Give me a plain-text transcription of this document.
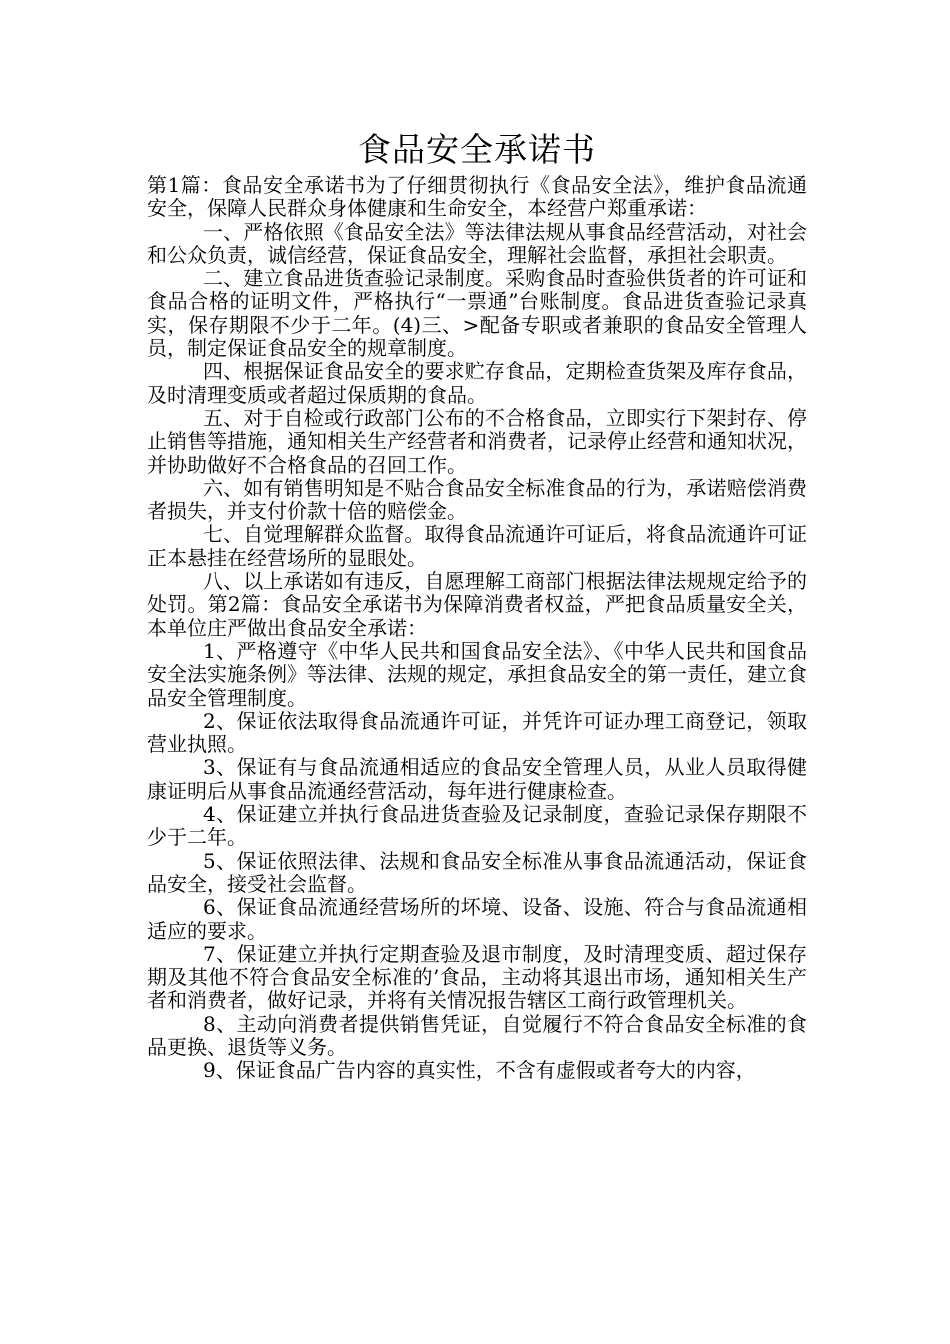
食品安全承诺书

第1篇：食品安全承诺书为了仔细贯彻执行《食品安全法》，维护食品流通安全，保障人民群众身体健康和生命安全，本经营户郑重承诺：

一、严格依照《食品安全法》等法律法规从事食品经营活动，对社会和公众负责，诚信经营，保证食品安全，理解社会监督，承担社会职责。

二、建立食品进货查验记录制度。采购食品时查验供货者的许可证和食品合格的证明文件，严格执行“一票通”台账制度。食品进货查验记录真实，保存期限不少于二年。(4)三、>配备专职或者兼职的食品安全管理人员，制定保证食品安全的规章制度。

四、根据保证食品安全的要求贮存食品，定期检查货架及库存食品，及时清理变质或者超过保质期的食品。

五、对于自检或行政部门公布的不合格食品，立即实行下架封存、停止销售等措施，通知相关生产经营者和消费者，记录停止经营和通知状况，并协助做好不合格食品的召回工作。

六、如有销售明知是不贴合食品安全标准食品的行为，承诺赔偿消费者损失，并支付价款十倍的赔偿金。

七、自觉理解群众监督。取得食品流通许可证后，将食品流通许可证正本悬挂在经营场所的显眼处。

八、以上承诺如有违反，自愿理解工商部门根据法律法规规定给予的处罚。第2篇：食品安全承诺书为保障消费者权益，严把食品质量安全关，本单位庄严做出食品安全承诺：

1、严格遵守《中华人民共和国食品安全法》、《中华人民共和国食品安全法实施条例》等法律、法规的规定，承担食品安全的第一责任，建立食品安全管理制度。

2、保证依法取得食品流通许可证，并凭许可证办理工商登记，领取营业执照。

3、保证有与食品流通相适应的食品安全管理人员，从业人员取得健康证明后从事食品流通经营活动，每年进行健康检查。

4、保证建立并执行食品进货查验及记录制度，查验记录保存期限不少于二年。

5、保证依照法律、法规和食品安全标准从事食品流通活动，保证食品安全，接受社会监督。

6、保证食品流通经营场所的坏境、设备、设施、符合与食品流通相适应的要求。

7、保证建立并执行定期查验及退市制度，及时清理变质、超过保存期及其他不符合食品安全标准的’食品，主动将其退出市场，通知相关生产者和消费者，做好记录，并将有关情况报告辖区工商行政管理机关。

8、主动向消费者提供销售凭证，自觉履行不符合食品安全标准的食品更换、退货等义务。

9、保证食品广告内容的真实性，不含有虚假或者夸大的内容，
